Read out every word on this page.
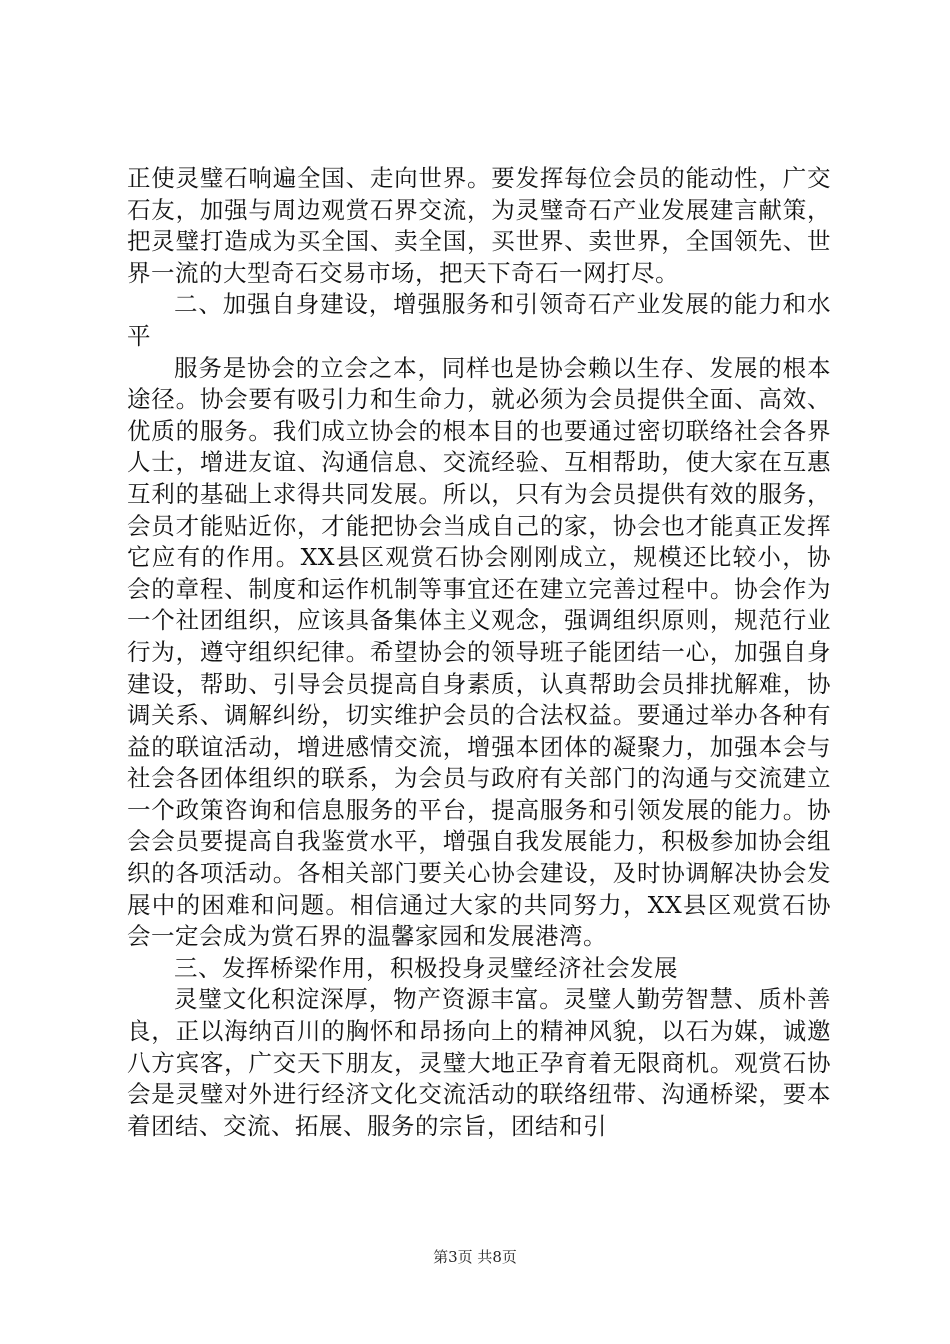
正使灵璧石响遍全国、走向世界。要发挥每位会员的能动性，广交石友，加强与周边观赏石界交流，为灵璧奇石产业发展建言献策，把灵璧打造成为买全国、卖全国，买世界、卖世界，全国领先、世界一流的大型奇石交易市场，把天下奇石一网打尽。

二、加强自身建设，增强服务和引领奇石产业发展的能力和水平

服务是协会的立会之本，同样也是协会赖以生存、发展的根本途径。协会要有吸引力和生命力，就必须为会员提供全面、高效、优质的服务。我们成立协会的根本目的也要通过密切联络社会各界人士，增进友谊、沟通信息、交流经验、互相帮助，使大家在互惠互利的基础上求得共同发展。所以，只有为会员提供有效的服务，会员才能贴近你，才能把协会当成自己的家，协会也才能真正发挥它应有的作用。XX县区观赏石协会刚刚成立，规模还比较小，协会的章程、制度和运作机制等事宜还在建立完善过程中。协会作为一个社团组织，应该具备集体主义观念，强调组织原则，规范行业行为，遵守组织纪律。希望协会的领导班子能团结一心，加强自身建设，帮助、引导会员提高自身素质，认真帮助会员排扰解难，协调关系、调解纠纷，切实维护会员的合法权益。要通过举办各种有益的联谊活动，增进感情交流，增强本团体的凝聚力，加强本会与社会各团体组织的联系，为会员与政府有关部门的沟通与交流建立一个政策咨询和信息服务的平台，提高服务和引领发展的能力。协会会员要提高自我鉴赏水平，增强自我发展能力，积极参加协会组织的各项活动。各相关部门要关心协会建设，及时协调解决协会发展中的困难和问题。相信通过大家的共同努力，XX县区观赏石协会一定会成为赏石界的温馨家园和发展港湾。

三、发挥桥梁作用，积极投身灵璧经济社会发展

灵璧文化积淀深厚，物产资源丰富。灵璧人勤劳智慧、质朴善良，正以海纳百川的胸怀和昂扬向上的精神风貌，以石为媒，诚邀八方宾客，广交天下朋友，灵璧大地正孕育着无限商机。观赏石协会是灵璧对外进行经济文化交流活动的联络纽带、沟通桥梁，要本着团结、交流、拓展、服务的宗旨，团结和引

第3页 共8页
